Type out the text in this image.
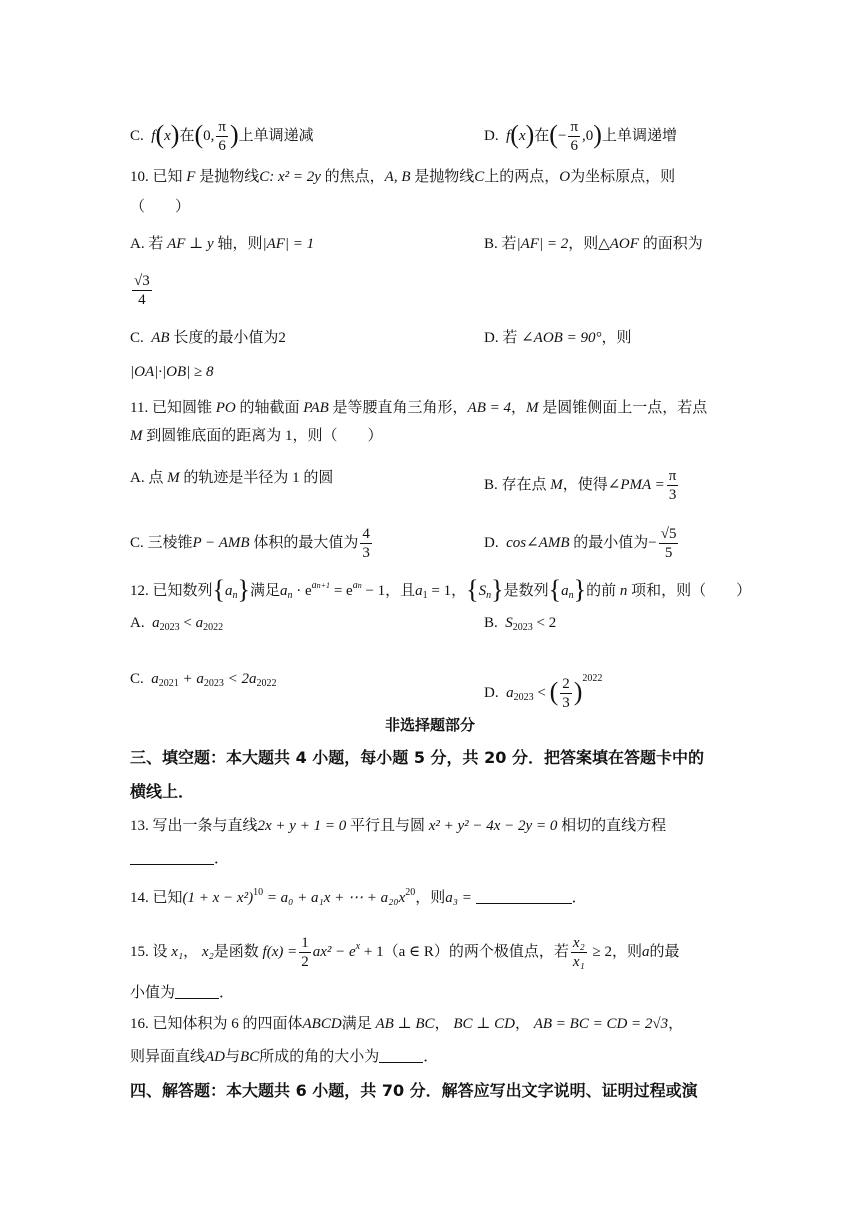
C. f(x)在(0, $\frac{\pi}{6}$ )上单调递减	D. f(x)在(− $\frac{\pi}{6} ,0$)上单调递增
10. 已知 F 是抛物线C: x² = 2y 的焦点，A, B 是抛物线C上的两点，O为坐标原点，则
（　　）
A. 若 AF ⊥ y 轴，则|AF| = 1	B. 若|AF| = 2，则△AOF 的面积为
$\frac{√3}{4}$
C. AB 长度的最小值为2	D. 若 ∠AOB = 90°，则
|OA|·|OB| ≥ 8
11. 已知圆锥 PO 的轴截面 PAB 是等腰直角三角形，AB = 4，M 是圆锥侧面上一点，若点
M 到圆锥底面的距离为 1，则（　　）
A. 点 M 的轨迹是半径为 1 的圆	B. 存在点 M，使得∠PMA = $\frac{\pi}{3}$
C. 三棱锥P − AMB 体积的最大值为 $\frac{4}{3}$	D. cos∠AMB 的最小值为− $\frac{√5}{5}$
12. 已知数列$\{a_n\}$满足$a_n \cdot e^{an+1} = e^{an} - 1$，且$a_1 = 1$，$\{S_n\}$是数列$\{a_n\}$的前 n 项和，则（　　）
A. $a_{2023} < a_{2022}$	B. $S_{2023} < 2$
C. $a_{2021} + a_{2023} < 2a_{2022}$
D. $a_{2023}$ < ( $\frac{2}{3} )^{2022}$
非选择题部分
三、填空题：本大题共 4 小题，每小题 5 分，共 20 分．把答案填在答题卡中的
横线上．
13. 写出一条与直线2x + y + 1 = 0 平行且与圆 x² + y² − 4x − 2y = 0 相切的直线方程
．
14. 已知$(1 + x - x^2)^{10} = a_0 + a_1x$ + ⋯ + $a_{20}x^{20}$，则a₃ =	．
15. 设 x₁， x₂是函数 $f(x) = \frac{1}{2} ax^2 - e^x + 1(a$ ∈ R）的两个极值点，若 $\frac{\text{x₂}}{\text{x₁}} \ge 2$，则a的最
小值为	．
16. 已知体积为 6 的四面体ABCD满足 AB ⊥ BC， BC ⊥ CD， AB = BC = CD = 2√3，
则异面直线AD与BC所成的角的大小为	．
四、解答题：本大题共 6 小题，共 70 分．解答应写出文字说明、证明过程或演
